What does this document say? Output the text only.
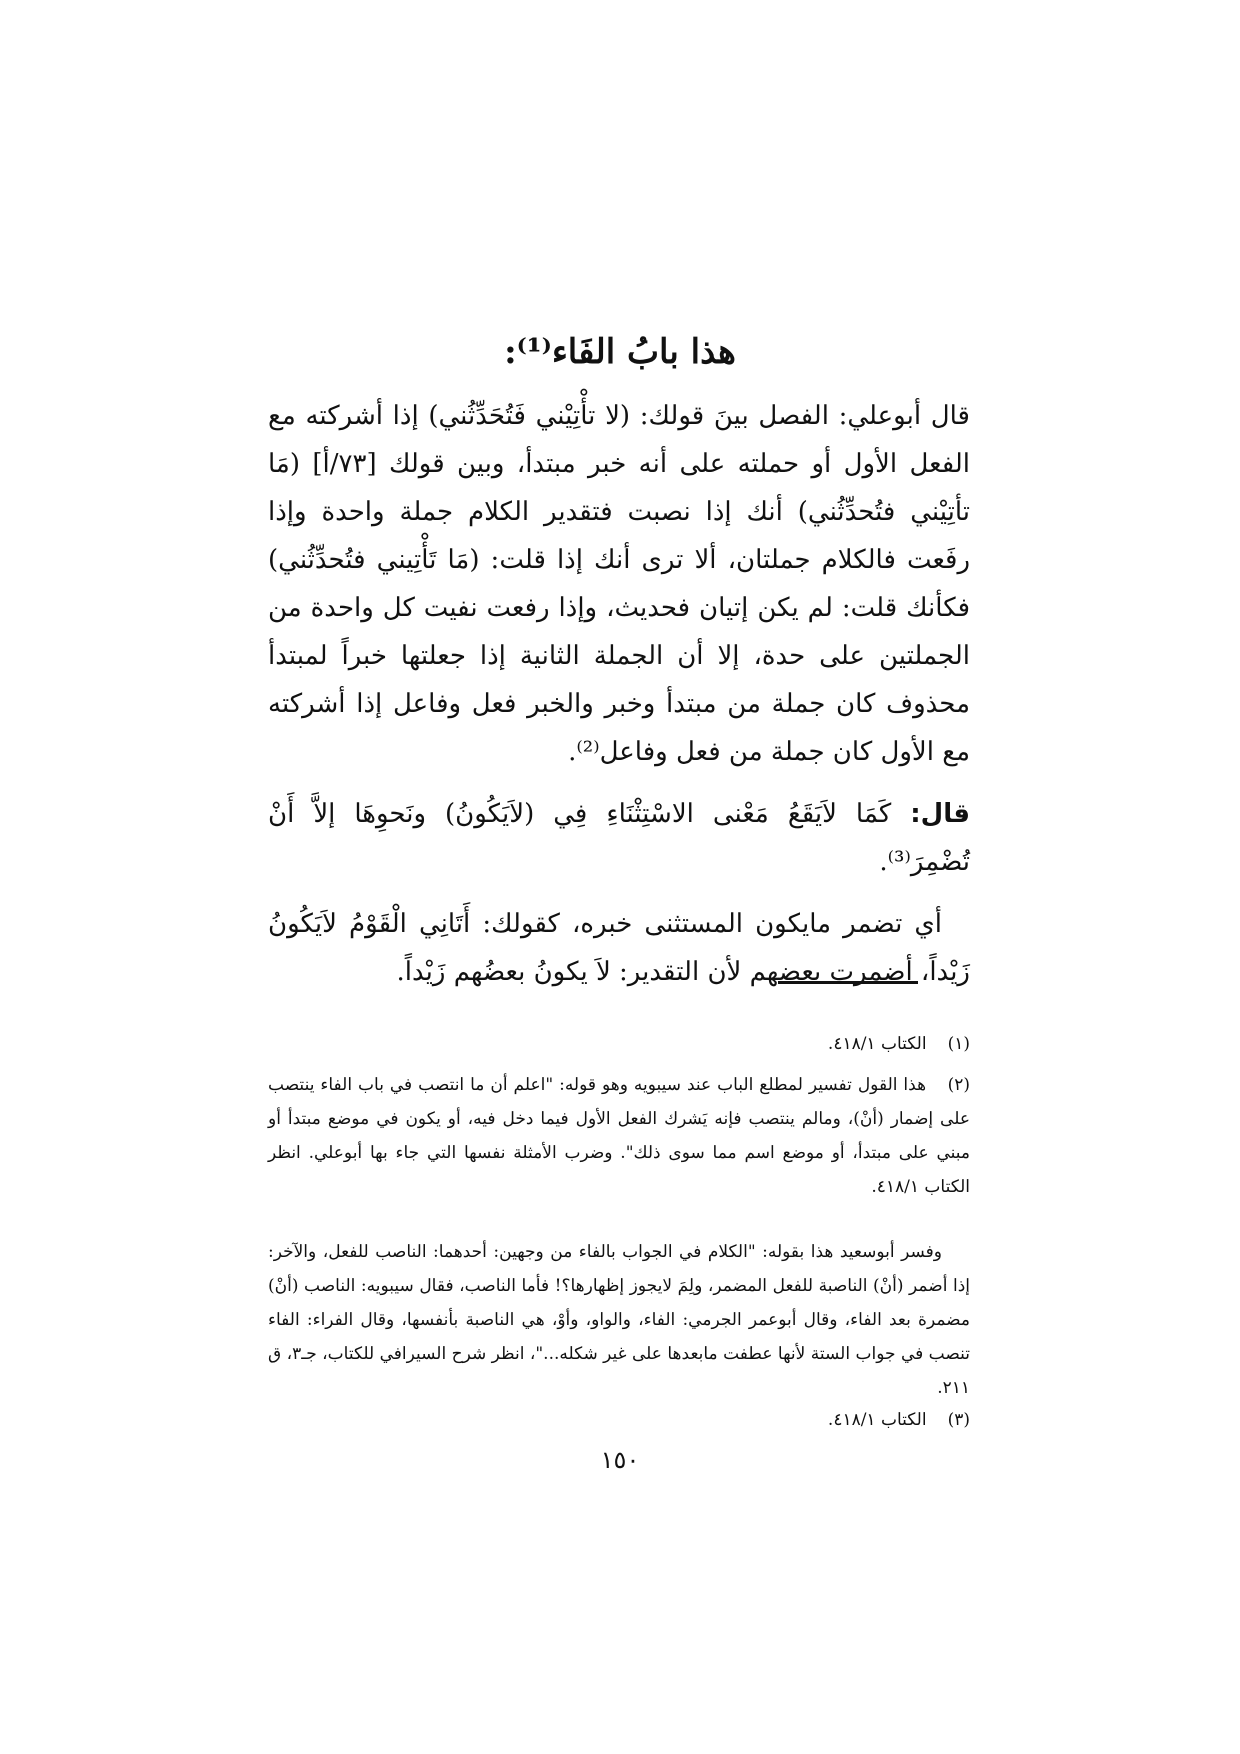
هذا بابُ الفَاء⁽¹⁾:
قال أبوعلي: الفصل بينَ قولك: (لا تأْتِيْني فَتُحَدِّثُني) إذا أشركته مع الفعل الأول أو حملته على أنه خبر مبتدأ، وبين قولك [٧٣/أ] (مَا تأتِيْني فتُحدِّثُني) أنك إذا نصبت فتقدير الكلام جملة واحدة وإذا رفَعت فالكلام جملتان، ألا ترى أنك إذا قلت: (مَا تَأْتِيني فتُحدِّثُني) فكأنك قلت: لم يكن إتيان فحديث، وإذا رفعت نفيت كل واحدة من الجملتين على حدة، إلا أن الجملة الثانية إذا جعلتها خبراً لمبتدأ محذوف كان جملة من مبتدأ وخبر والخبر فعل وفاعل إذا أشركته مع الأول كان جملة من فعل وفاعل⁽²⁾.
قال: كَمَا لاَيَقَعُ مَعْنى الاسْتِثْنَاءِ فِي (لاَيَكُونُ) ونَحوِهَا إلاَّ أَنْ تُضْمِرَ⁽³⁾.
أي تضمر مايكون المستثنى خبره، كقولك: أَتَانِي الْقَوْمُ لاَيَكُونُ زَيْداً، أضمرت بعضهم لأن التقدير: لاَ يكونُ بعضُهم زَيْداً.
(١) الكتاب ٤١٨/١.
(٢) هذا القول تفسير لمطلع الباب عند سيبويه وهو قوله: "اعلم أن ما انتصب في باب الفاء ينتصب على إضمار (أنْ)، ومالم ينتصب فإنه يَشرك الفعل الأول فيما دخل فيه، أو يكون في موضع مبتدأ أو مبني على مبتدأ، أو موضع اسم مما سوى ذلك". وضرب الأمثلة نفسها التي جاء بها أبوعلي. انظر الكتاب ٤١٨/١.
وفسر أبوسعيد هذا بقوله: "الكلام في الجواب بالفاء من وجهين: أحدهما: الناصب للفعل، والآخر: إذا أضمر (أنْ) الناصبة للفعل المضمر، ولِمَ لايجوز إظهارها؟! فأما الناصب، فقال سيبويه: الناصب (أنْ) مضمرة بعد الفاء، وقال أبوعمر الجرمي: الفاء، والواو، وأوْ، هي الناصبة بأنفسها، وقال الفراء: الفاء تنصب في جواب الستة لأنها عطفت مابعدها على غير شكله..."، انظر شرح السيرافي للكتاب، جـ٣، ق ٢١١.
(٣) الكتاب ٤١٨/١.
١٥٠
